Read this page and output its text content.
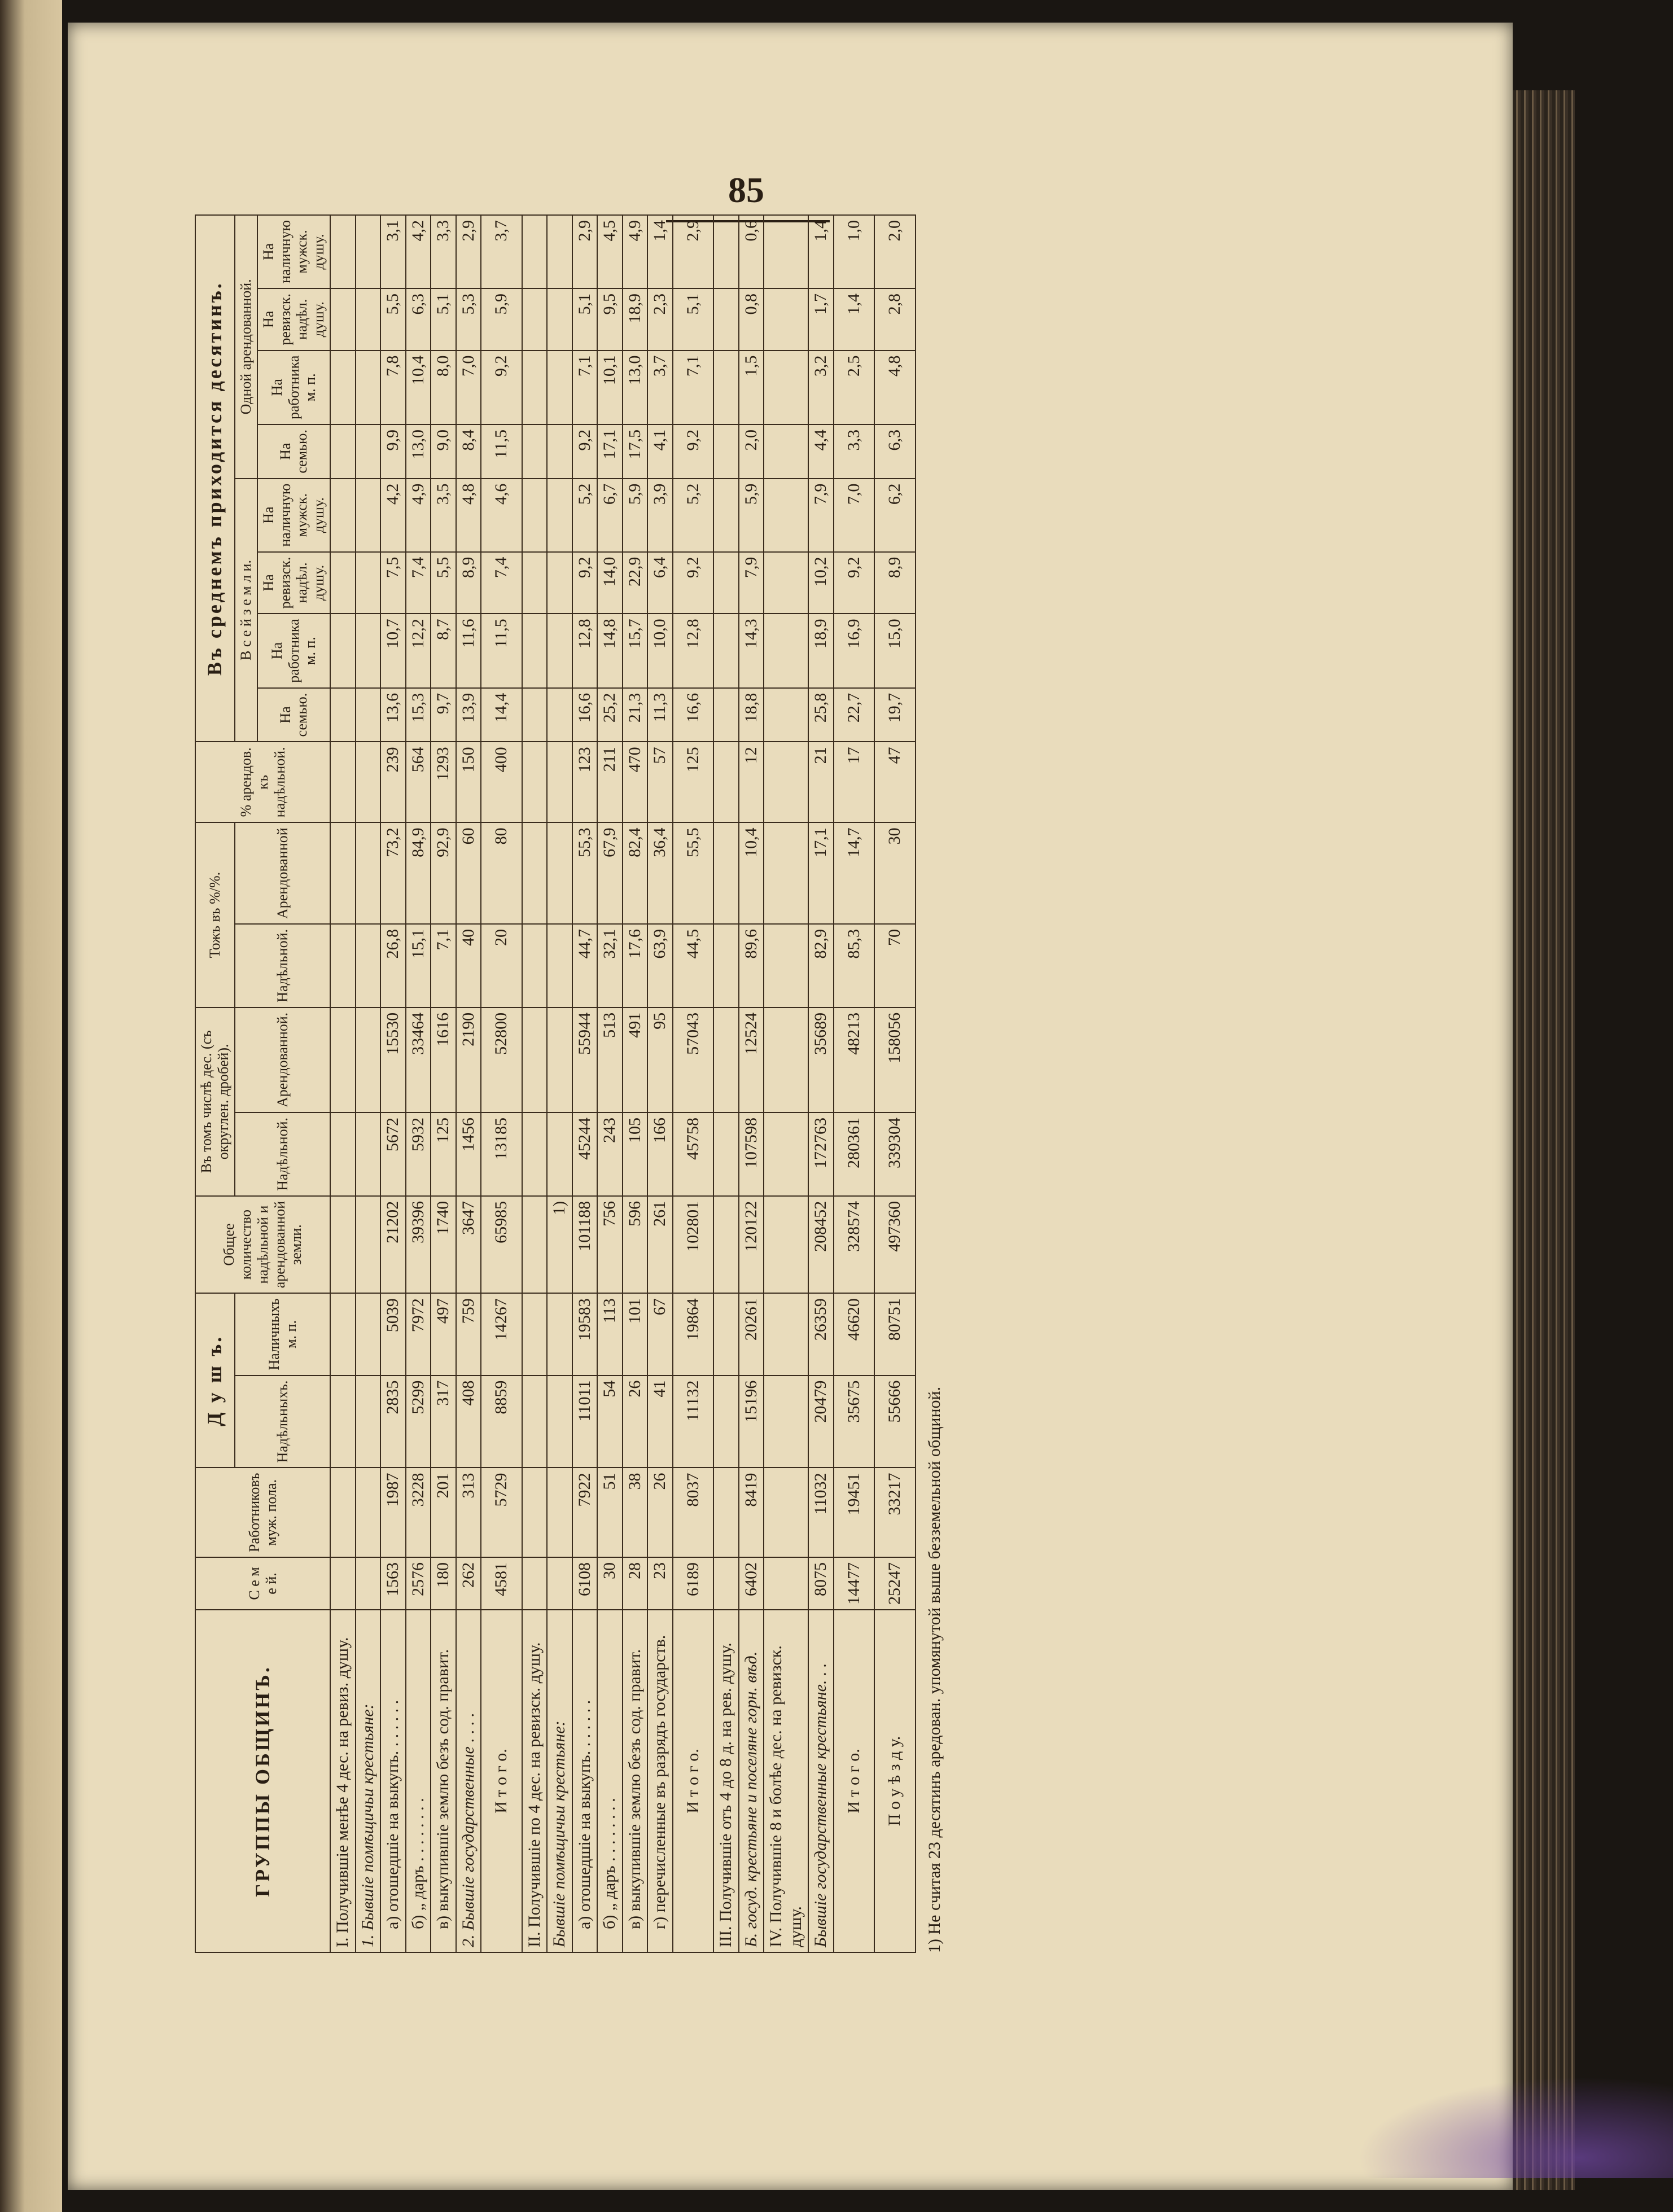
85
ГРУППЫ ОБЩИНЪ.	С е м е й.	Работниковъ муж. пола.	Д у ш ъ.		Общее количество надѣльной и арендованной земли.	Въ томъ числѣ дес. (съ округлен. дробей).		Тожъ въ %/%.		% арендов. къ надѣльной.	Въ среднемъ приходится десятинъ.							
			Надѣльныхъ.	Наличныхъ м. п.		Надѣльной.	Арендованной.	Надѣльной.	Арендованной		В с е й з е м л и.				Одной арендованной.			
											На семью.	На работника м. п.	На ревизск. надѣл. душу.	На наличную мужск. душу.	На семью.	На работника м. п.	На ревизск. надѣл. душу.	На наличную мужск. душу.
I. Получившіе менѣе 4 дес. на ревиз. душу.																		
1. Бывшіе помѣщичьи крестьяне:																		
а) отошедшіе на выкупъ. . . . . . .	1563	1987	2835	5039	21202	5672	15530	26,8	73,2	239	13,6	10,7	7,5	4,2	9,9	7,8	5,5	3,1
б) „ даръ . . . . . . . .	2576	3228	5299	7972	39396	5932	33464	15,1	84,9	564	15,3	12,2	7,4	4,9	13,0	10,4	6,3	4,2
в) выкупившіе землю безъ сод. правит.	180	201	317	497	1740	125	1616	7,1	92,9	1293	9,7	8,7	5,5	3,5	9,0	8,0	5,1	3,3
2. Бывшіе государственные . . . .	262	313	408	759	3647	1456	2190	40	60	150	13,9	11,6	8,9	4,8	8,4	7,0	5,3	2,9
И т о г о.	4581	5729	8859	14267	65985	13185	52800	20	80	400	14,4	11,5	7,4	4,6	11,5	9,2	5,9	3,7
II. Получившіе по 4 дес. на ревизск. душу.																		
Бывшіе помѣщичьи крестьяне:					1)													
а) отошедшіе на выкупъ. . . . . . .	6108	7922	11011	19583	101188	45244	55944	44,7	55,3	123	16,6	12,8	9,2	5,2	9,2	7,1	5,1	2,9
б) „ даръ . . . . . . . .	30	51	54	113	756	243	513	32,1	67,9	211	25,2	14,8	14,0	6,7	17,1	10,1	9,5	4,5
в) выкупившіе землю безъ сод. правит.	28	38	26	101	596	105	491	17,6	82,4	470	21,3	15,7	22,9	5,9	17,5	13,0	18,9	4,9
г) перечисленные въ разрядъ государств.	23	26	41	67	261	166	95	63,9	36,4	57	11,3	10,0	6,4	3,9	4,1	3,7	2,3	1,4
И т о г о.	6189	8037	11132	19864	102801	45758	57043	44,5	55,5	125	16,6	12,8	9,2	5,2	9,2	7,1	5,1	2,9
III. Получившіе отъ 4 до 8 д. на рев. душу.																		
Б. госуд. крестьяне и поселяне горн. вѣд.	6402	8419	15196	20261	120122	107598	12524	89,6	10,4	12	18,8	14,3	7,9	5,9	2,0	1,5	0,8	0,6
IV. Получившіе 8 и болѣе дес. на ревизск. душу.																		
Бывшіе государственные крестьяне. . .	8075	11032	20479	26359	208452	172763	35689	82,9	17,1	21	25,8	18,9	10,2	7,9	4,4	3,2	1,7	1,4
И т о г о.	14477	19451	35675	46620	328574	280361	48213	85,3	14,7	17	22,7	16,9	9,2	7,0	3,3	2,5	1,4	1,0
П о у ѣ з д у.	25247	33217	55666	80751	497360	339304	158056	70	30	47	19,7	15,0	8,9	6,2	6,3	4,8	2,8	2,0
1) Не считая 23 десятинъ аредован. упомянутой выше безземельной общиной.
